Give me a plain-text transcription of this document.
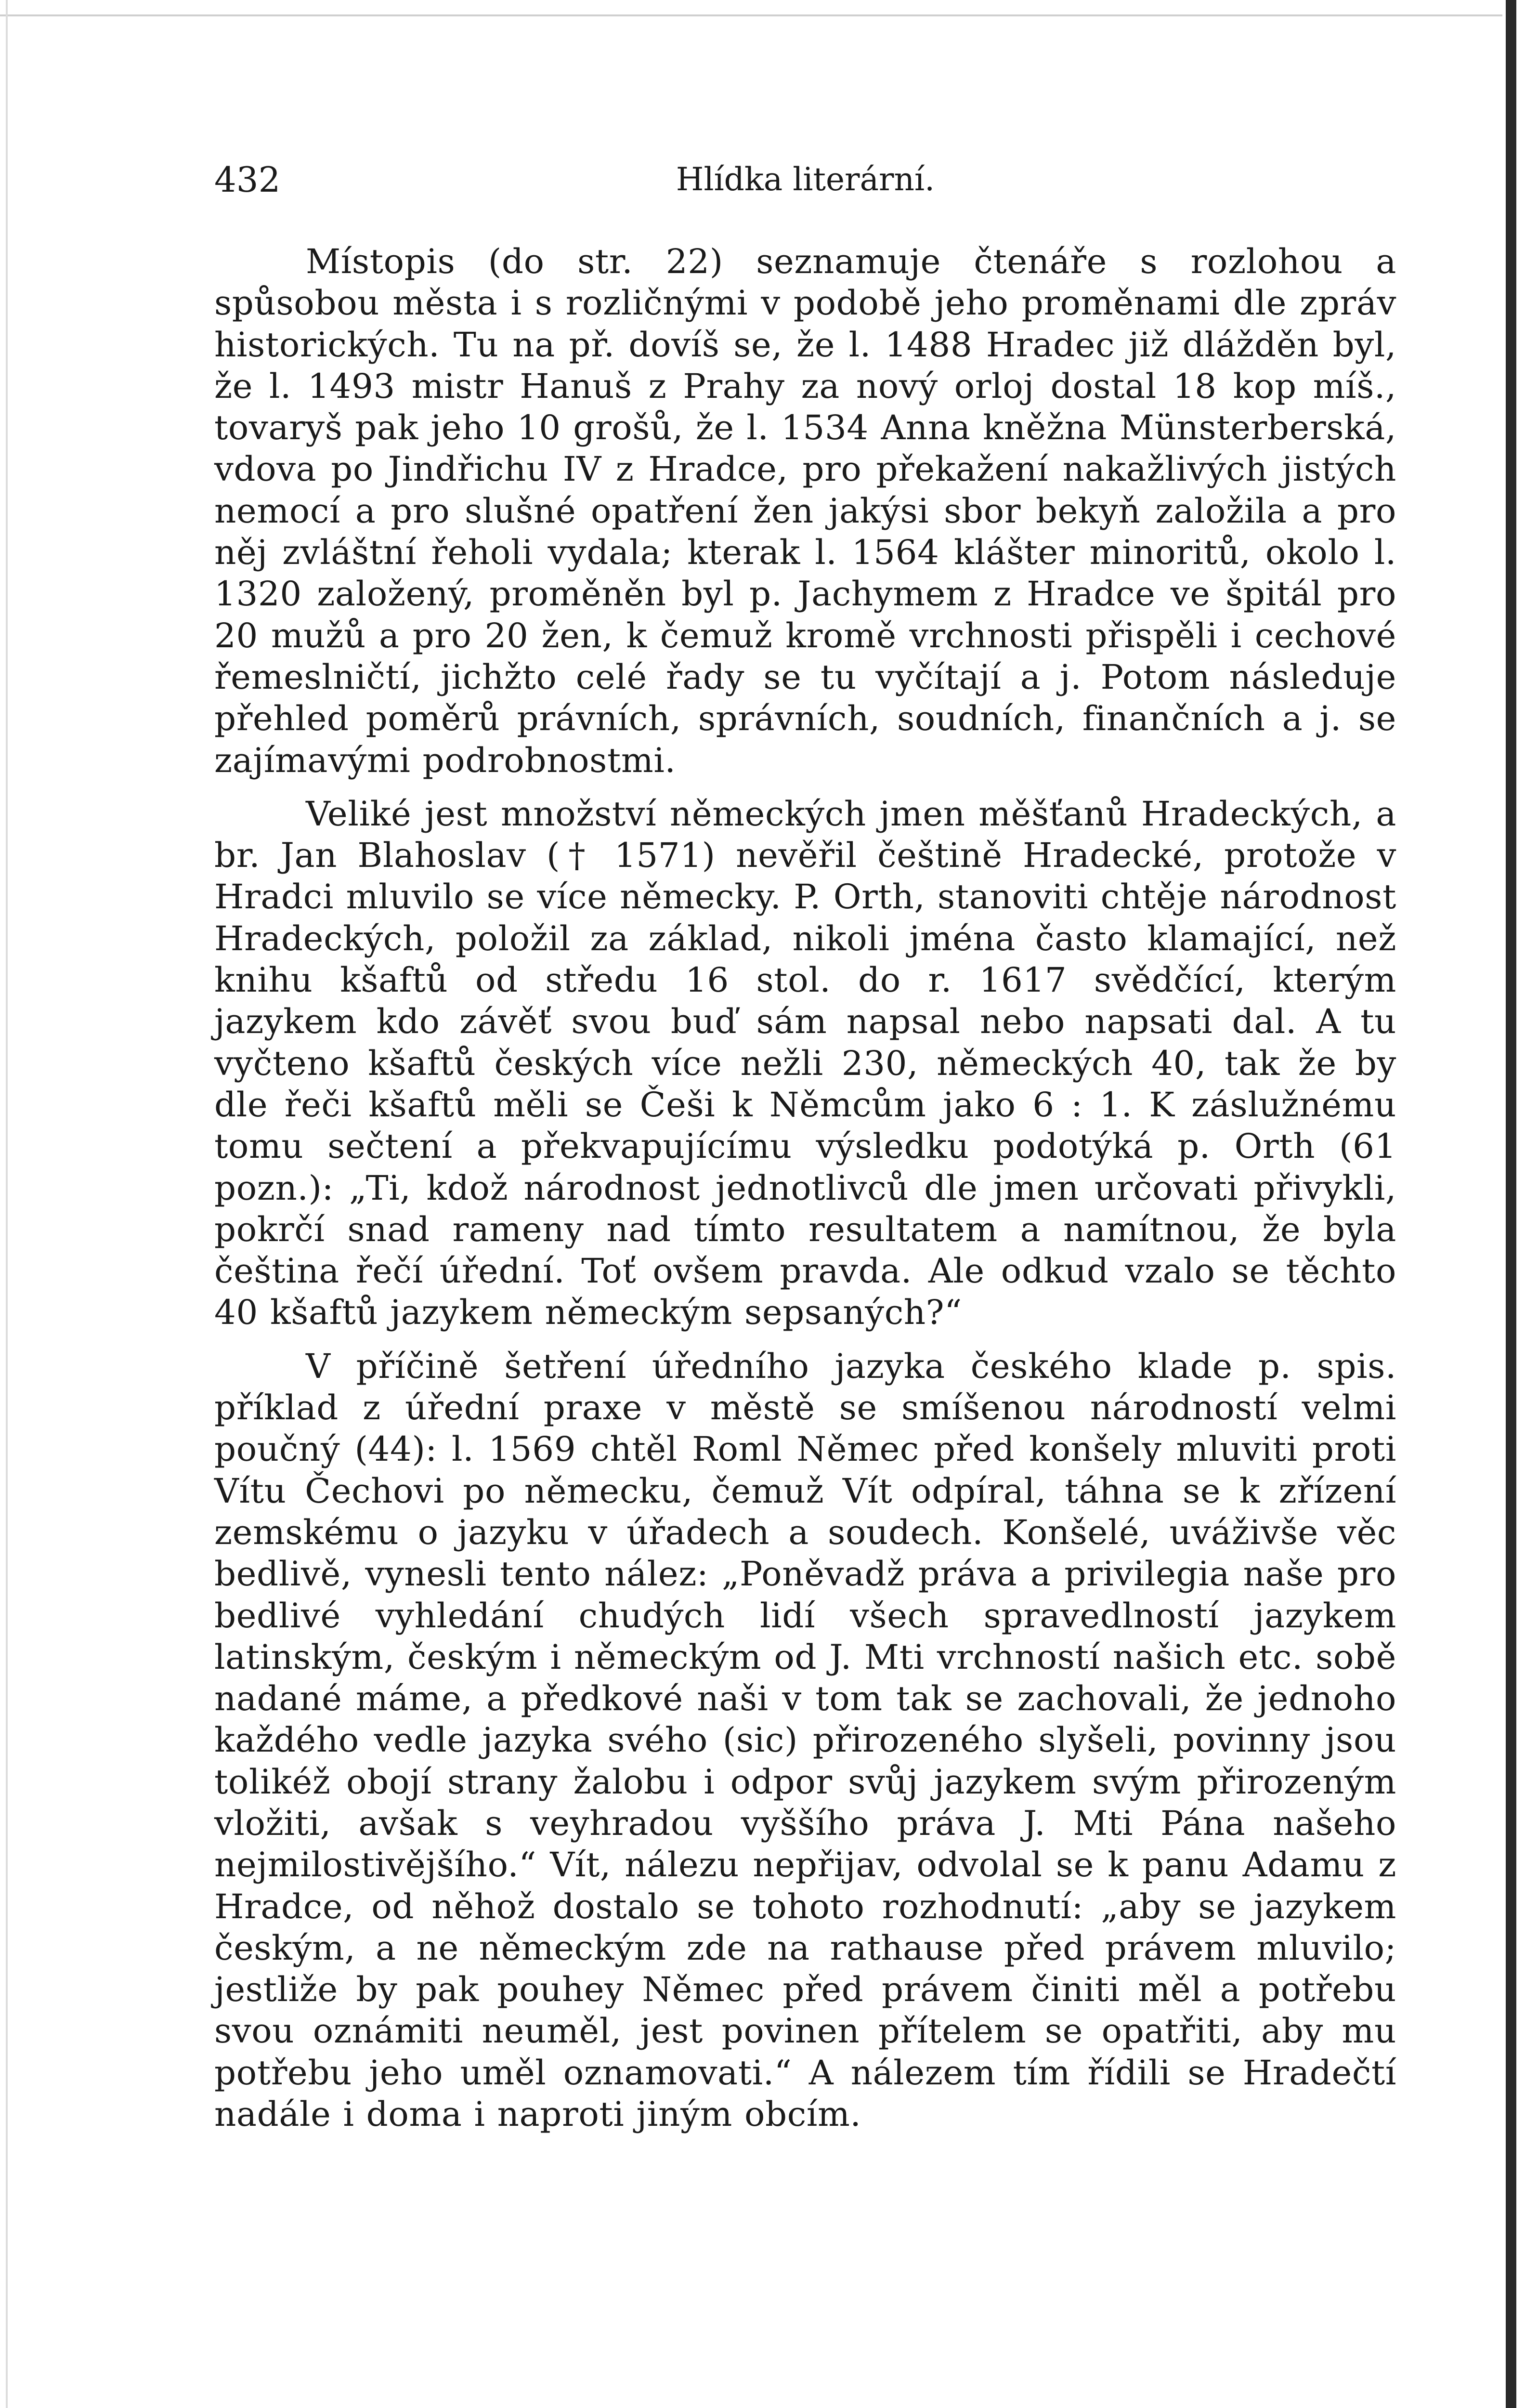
432	Hlídka literární.

Místopis (do str. 22) seznamuje čtenáře s rozlohou a spůsobou města i s rozličnými v podobě jeho proměnami dle zpráv historických. Tu na př. dovíš se, že l. 1488 Hradec již dlážděn byl, že l. 1493 mistr Hanuš z Prahy za nový orloj dostal 18 kop míš., tovaryš pak jeho 10 grošů, že l. 1534 Anna kněžna Münsterberská, vdova po Jindřichu IV z Hradce, pro překažení nakažlivých jistých nemocí a pro slušné opatření žen jakýsi sbor bekyň založila a pro něj zvláštní řeholi vydala; kterak l. 1564 klášter minoritů, okolo l. 1320 založený, proměněn byl p. Jachymem z Hradce ve špitál pro 20 mužů a pro 20 žen, k čemuž kromě vrchnosti přispěli i cechové řemeslničtí, jichžto celé řady se tu vyčítají a j. Potom následuje přehled poměrů právních, správních, soudních, finančních a j. se zajímavými podrobnostmi.

Veliké jest množství německých jmen měšťanů Hradeckých, a br. Jan Blahoslav († 1571) nevěřil češtině Hradecké, protože v Hradci mluvilo se více německy. P. Orth, stanoviti chtěje národnost Hradeckých, položil za základ, nikoli jména často klamající, než knihu kšaftů od středu 16 stol. do r. 1617 svědčící, kterým jazykem kdo závěť svou buď sám napsal nebo napsati dal. A tu vyčteno kšaftů českých více nežli 230, německých 40, tak že by dle řeči kšaftů měli se Češi k Němcům jako 6 : 1. K záslužnému tomu sečtení a překvapujícímu výsledku podotýká p. Orth (61 pozn.): „Ti, kdož národnost jednotlivců dle jmen určovati přivykli, pokrčí snad rameny nad tímto resultatem a namítnou, že byla čeština řečí úřední. Toť ovšem pravda. Ale odkud vzalo se těchto 40 kšaftů jazykem německým sepsaných?“

V příčině šetření úředního jazyka českého klade p. spis. příklad z úřední praxe v městě se smíšenou národností velmi poučný (44): l. 1569 chtěl Roml Němec před konšely mluviti proti Vítu Čechovi po německu, čemuž Vít odpíral, táhna se k zřízení zemskému o jazyku v úřadech a soudech. Konšelé, uváživše věc bedlivě, vynesli tento nález: „Poněvadž práva a privilegia naše pro bedlivé vyhledání chudých lidí všech spravedlností jazykem latinským, českým i německým od J. Mti vrchností našich etc. sobě nadané máme, a předkové naši v tom tak se zachovali, že jednoho každého vedle jazyka svého (sic) přirozeného slyšeli, povinny jsou tolikéž obojí strany žalobu i odpor svůj jazykem svým přirozeným vložiti, avšak s veyhradou vyššího práva J. Mti Pána našeho nejmilostivějšího.“ Vít, nálezu nepřijav, odvolal se k panu Adamu z Hradce, od něhož dostalo se tohoto rozhodnutí: „aby se jazykem českým, a ne německým zde na rathause před právem mluvilo; jestliže by pak pouhey Němec před právem činiti měl a potřebu svou oznámiti neuměl, jest povinen přítelem se opatřiti, aby mu potřebu jeho uměl oznamovati.“ A nálezem tím řídili se Hradečtí nadále i doma i naproti jiným obcím.
